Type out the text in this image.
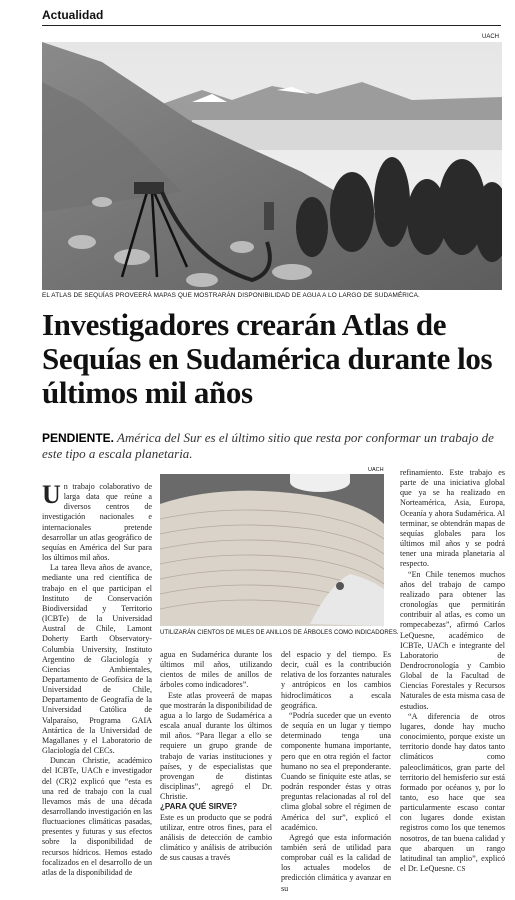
Actualidad
UACH
EL ATLAS DE SEQUÍAS PROVEERÁ MAPAS QUE MOSTRARÁN DISPONIBILIDAD DE AGUA A LO LARGO DE SUDAMÉRICA.
Investigadores crearán Atlas de Sequías en Sudamérica durante los últimos mil años
PENDIENTE. América del Sur es el último sitio que resta por conformar un trabajo de este tipo a escala planetaria.

Un trabajo colaborativo de larga data que reúne a diversos centros de investigación nacionales e internacionales pretende desarrollar un atlas geográfico de sequías en América del Sur para los últimos mil años.

La tarea lleva años de avance, mediante una red científica de trabajo en el que participan el Instituto de Conservación Biodiversidad y Territorio (ICBTe) de la Universidad Austral de Chile, Lamont Doherty Earth Observatory-Columbia University, Instituto Argentino de Glaciología y Ciencias Ambientales, Departamento de Geofísica de la Universidad de Chile, Departamento de Geografía de la Universidad Católica de Valparaíso, Programa GAIA Antártica de la Universidad de Magallanes y el Laboratorio de Glaciología del CECs.

Duncan Christie, académico del ICBTe, UACh e investigador del (CR)2 explicó que “esta es una red de trabajo con la cual llevamos más de una década desarrollando investigación en las fluctuaciones climáticas pasadas, presentes y futuras y sus efectos sobre la disponibilidad de recursos hídricos. Hemos estado focalizados en el desarrollo de un atlas de la disponibilidad de

UACH
UTILIZARÁN CIENTOS DE MILES DE ANILLOS DE ÁRBOLES COMO INDICADORES.

agua en Sudamérica durante los últimos mil años, utilizando cientos de miles de anillos de árboles como indicadores”.

Este atlas proveerá de mapas que mostrarán la disponibilidad de agua a lo largo de Sudamérica a escala anual durante los últimos mil años. “Para llegar a ello se requiere un grupo grande de trabajo de varias instituciones y países, y de especialistas que provengan de distintas disciplinas”, agregó el Dr. Christie.

¿PARA QUÉ SIRVE?

Este es un producto que se podrá utilizar, entre otros fines, para el análisis de detección de cambio climático y análisis de atribución de sus causas a través

del espacio y del tiempo. Es decir, cuál es la contribución relativa de los forzantes naturales y antrópicos en los cambios hidroclimáticos a escala geográfica.

“Podría suceder que un evento de sequía en un lugar y tiempo determinado tenga una componente humana importante, pero que en otra región el factor humano no sea el preponderante. Cuando se finiquite este atlas, se podrán responder éstas y otras preguntas relacionadas al rol del clima global sobre el régimen de América del sur”, explicó el académico.

Agregó que esta información también será de utilidad para comprobar cuál es la calidad de los actuales modelos de predicción climática y avanzar en su

refinamiento. Este trabajo es parte de una iniciativa global que ya se ha realizado en Norteamérica, Asia, Europa, Oceanía y ahora Sudamérica. Al terminar, se obtendrán mapas de sequías globales para los últimos mil años y se podrá tener una mirada planetaria al respecto.

“En Chile tenemos muchos años del trabajo de campo realizado para obtener las cronologías que permitirán contribuir al atlas, es como un rompecabezas”, afirmó Carlos LeQuesne, académico de ICBTe, UACh e integrante del Laboratorio de Dendrocronología y Cambio Global de la Facultad de Ciencias Forestales y Recursos Naturales de esta misma casa de estudios.

“A diferencia de otros lugares, donde hay mucho conocimiento, porque existe un territorio donde hay datos tanto climáticos como paleoclimáticos, gran parte del territorio del hemisferio sur está formado por océanos y, por lo tanto, eso hace que sea particularmente escaso contar con lugares donde existan registros como los que tenemos nosotros, de tan buena calidad y que abarquen un rango latitudinal tan amplio”, explicó el Dr. LeQuesne. CS
